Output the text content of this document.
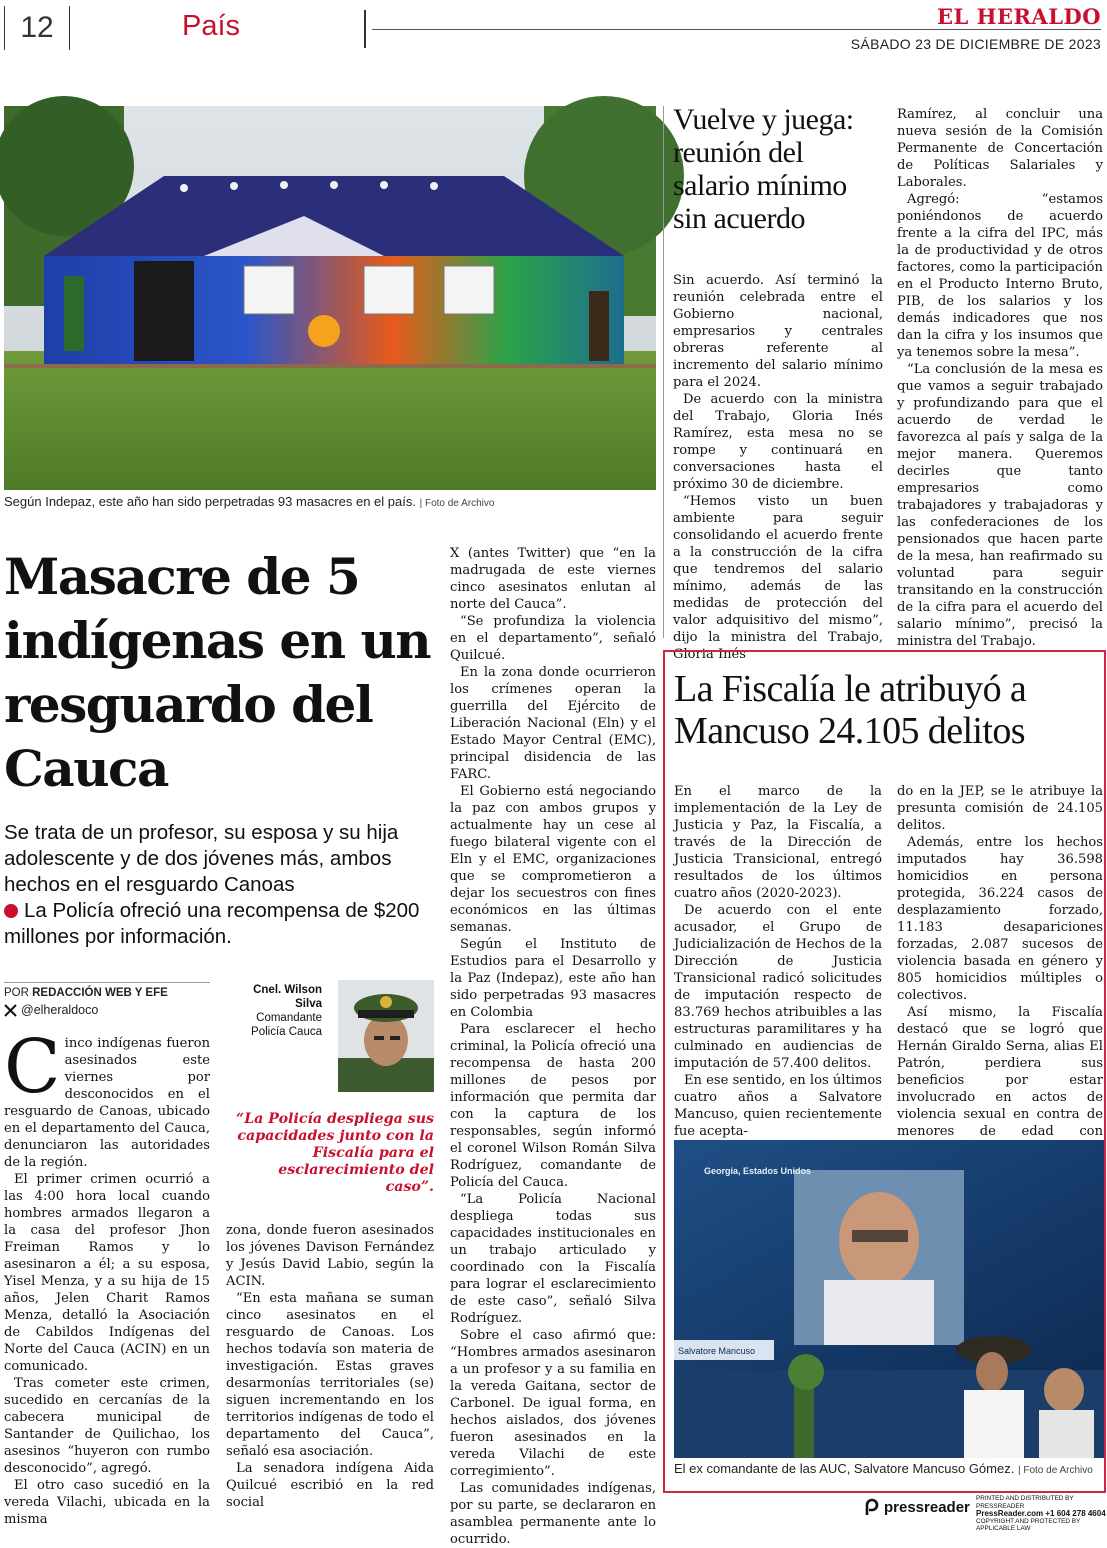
12	País	EL HERALDO
SÁBADO 23 DE DICIEMBRE DE 2023
Según Indepaz, este año han sido perpetradas 93 masacres en el país. | Foto de Archivo
Masacre de 5 indígenas en un resguardo del Cauca
Se trata de un profesor, su esposa y su hija adolescente y de dos jóvenes más, ambos hechos en el resguardo Canoas
La Policía ofreció una recompensa de $200 millones por información.
POR REDACCIÓN WEB Y EFE
@elheraldoco

Cinco indígenas fueron asesinados este viernes por desconocidos en el resguardo de Canoas, ubicado en el departamento del Cauca, denunciaron las autoridades de la región.

El primer crimen ocurrió a las 4:00 hora local cuando hombres armados llegaron a la casa del profesor Jhon Freiman Ramos y lo asesinaron a él; a su esposa, Yisel Menza, y a su hija de 15 años, Jelen Charit Ramos Menza, detalló la Asociación de Cabildos Indígenas del Norte del Cauca (ACIN) en un comunicado.

Tras cometer este crimen, sucedido en cercanías de la cabecera municipal de Santander de Quilichao, los asesinos “huyeron con rumbo desconocido”, agregó.

El otro caso sucedió en la vereda Vilachi, ubicada en la misma

Cnel. Wilson
Silva
Comandante
Policía Cauca
“La Policía despliega sus capacidades junto con la Fiscalía para el esclarecimiento del caso”.

zona, donde fueron asesinados los jóvenes Davison Fernández y Jesús David Labio, según la ACIN.

“En esta mañana se suman cinco asesinatos en el resguardo de Canoas. Los hechos todavía son materia de investigación. Estas graves desarmonías territoriales (se) siguen incrementando en los territorios indígenas de todo el departamento del Cauca”, señaló esa asociación.

La senadora indígena Aida Quilcué escribió en la red social

X (antes Twitter) que “en la madrugada de este viernes cinco asesinatos enlutan al norte del Cauca”.

“Se profundiza la violencia en el departamento”, señaló Quilcué.

En la zona donde ocurrieron los crímenes operan la guerrilla del Ejército de Liberación Nacional (Eln) y el Estado Mayor Central (EMC), principal disidencia de las FARC.

El Gobierno está negociando la paz con ambos grupos y actualmente hay un cese al fuego bilateral vigente con el Eln y el EMC, organizaciones que se comprometieron a dejar los secuestros con fines económicos en las últimas semanas.

Según el Instituto de Estudios para el Desarrollo y la Paz (Indepaz), este año han sido perpetradas 93 masacres en Colombia

Para esclarecer el hecho criminal, la Policía ofreció una recompensa de hasta 200 millones de pesos por información que permita dar con la captura de los responsables, según informó el coronel Wilson Román Silva Rodríguez, comandante de Policía del Cauca.

“La Policía Nacional despliega todas sus capacidades institucionales en un trabajo articulado y coordinado con la Fiscalía para lograr el esclarecimiento de este caso”, señaló Silva Rodríguez.

Sobre el caso afirmó que: “Hombres armados asesinaron a un profesor y a su familia en la vereda Gaitana, sector de Carbonel. De igual forma, en hechos aislados, dos jóvenes fueron asesinados en la vereda Vilachi de este corregimiento”.

Las comunidades indígenas, por su parte, se declararon en asamblea permanente ante lo ocurrido.

Vuelve y juega: reunión del salario mínimo sin acuerdo

Sin acuerdo. Así terminó la reunión celebrada entre el Gobierno nacional, empresarios y centrales obreras referente al incremento del salario mínimo para el 2024.

De acuerdo con la ministra del Trabajo, Gloria Inés Ramírez, esta mesa no se rompe y continuará en conversaciones hasta el próximo 30 de diciembre.

“Hemos visto un buen ambiente para seguir consolidando el acuerdo frente a la construcción de la cifra que tendremos del salario mínimo, además de las medidas de protección del valor adquisitivo del mismo”, dijo la ministra del Trabajo, Gloria Inés

Ramírez, al concluir una nueva sesión de la Comisión Permanente de Concertación de Políticas Salariales y Laborales.

Agregó: “estamos poniéndonos de acuerdo frente a la cifra del IPC, más la de productividad y de otros factores, como la participación en el Producto Interno Bruto, PIB, de los salarios y los demás indicadores que nos dan la cifra y los insumos que ya tenemos sobre la mesa”.

“La conclusión de la mesa es que vamos a seguir trabajado y profundizando para que el acuerdo de verdad le favorezca al país y salga de la mejor manera. Queremos decirles que tanto empresarios como trabajadores y trabajadoras y las confederaciones de los pensionados que hacen parte de la mesa, han reafirmado su voluntad para seguir transitando en la construcción de la cifra para el acuerdo del salario mínimo”, precisó la ministra del Trabajo.

La Fiscalía le atribuyó a Mancuso 24.105 delitos

En el marco de la implementación de la Ley de Justicia y Paz, la Fiscalía, a través de la Dirección de Justicia Transicional, entregó resultados de los últimos cuatro años (2020-2023).

De acuerdo con el ente acusador, el Grupo de Judicialización de Hechos de la Dirección de Justicia Transicional radicó solicitudes de imputación respecto de 83.769 hechos atribuibles a las estructuras paramilitares y ha culminado en audiencias de imputación de 57.400 delitos.

En ese sentido, en los últimos cuatro años a Salvatore Mancuso, quien recientemente fue acepta-

do en la JEP, se le atribuye la presunta comisión de 24.105 delitos.

Además, entre los hechos imputados hay 36.598 homicidios en persona protegida, 36.224 casos de desplazamiento forzado, 11.183 desapariciones forzadas, 2.087 sucesos de violencia basada en género y 805 homicidios múltiples o colectivos.

Así mismo, la Fiscalía destacó que se logró que Hernán Giraldo Serna, alias El Patrón, perdiera sus beneficios por estar involucrado en actos de violencia sexual en contra de menores de edad con

Georgia, Estados Unidos
Salvatore Mancuso
El ex comandante de las AUC, Salvatore Mancuso Gómez. | Foto de Archivo
pressreader PRINTED AND DISTRIBUTED BY PRESSREADER
PressReader.com +1 604 278 4604
COPYRIGHT AND PROTECTED BY APPLICABLE LAW
